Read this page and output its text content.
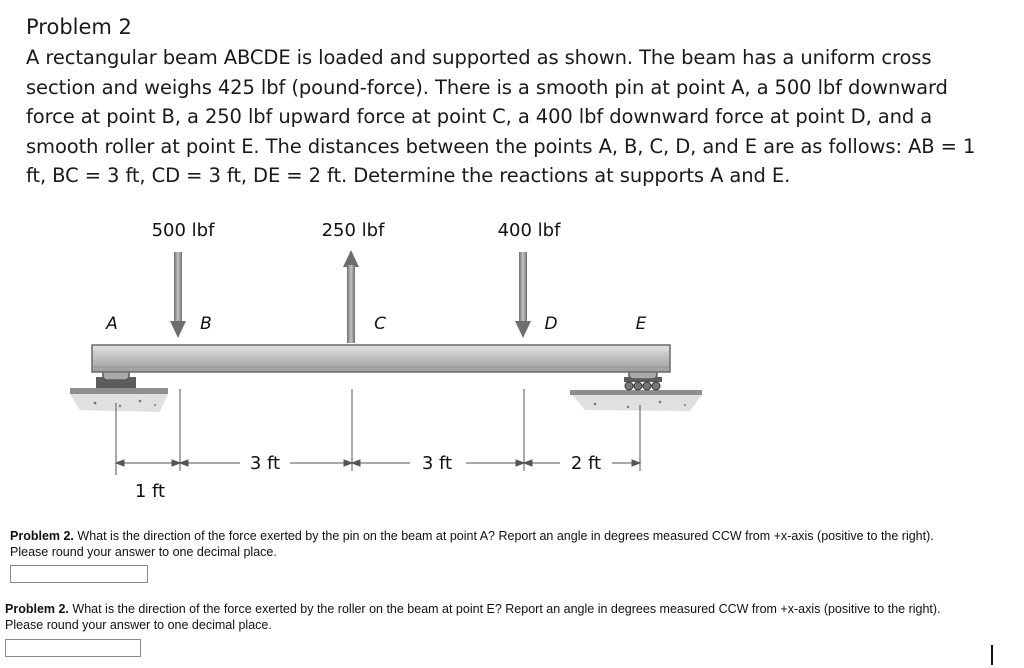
Problem 2
A rectangular beam ABCDE is loaded and supported as shown. The beam has a uniform cross section and weighs 425 lbf (pound-force). There is a smooth pin at point A, a 500 lbf downward force at point B, a 250 lbf upward force at point C, a 400 lbf downward force at point D, and a smooth roller at point E. The distances between the points A, B, C, D, and E are as follows: AB = 1 ft, BC = 3 ft, CD = 3 ft, DE = 2 ft. Determine the reactions at supports A and E.
500 lbf	250 lbf	400 lbf
A	B	C	D	E
3 ft	3 ft	2 ft
1 ft
Problem 2. What is the direction of the force exerted by the pin on the beam at point A? Report an angle in degrees measured CCW from +x-axis (positive to the right). Please round your answer to one decimal place.
Problem 2. What is the direction of the force exerted by the roller on the beam at point E? Report an angle in degrees measured CCW from +x-axis (positive to the right). Please round your answer to one decimal place.
